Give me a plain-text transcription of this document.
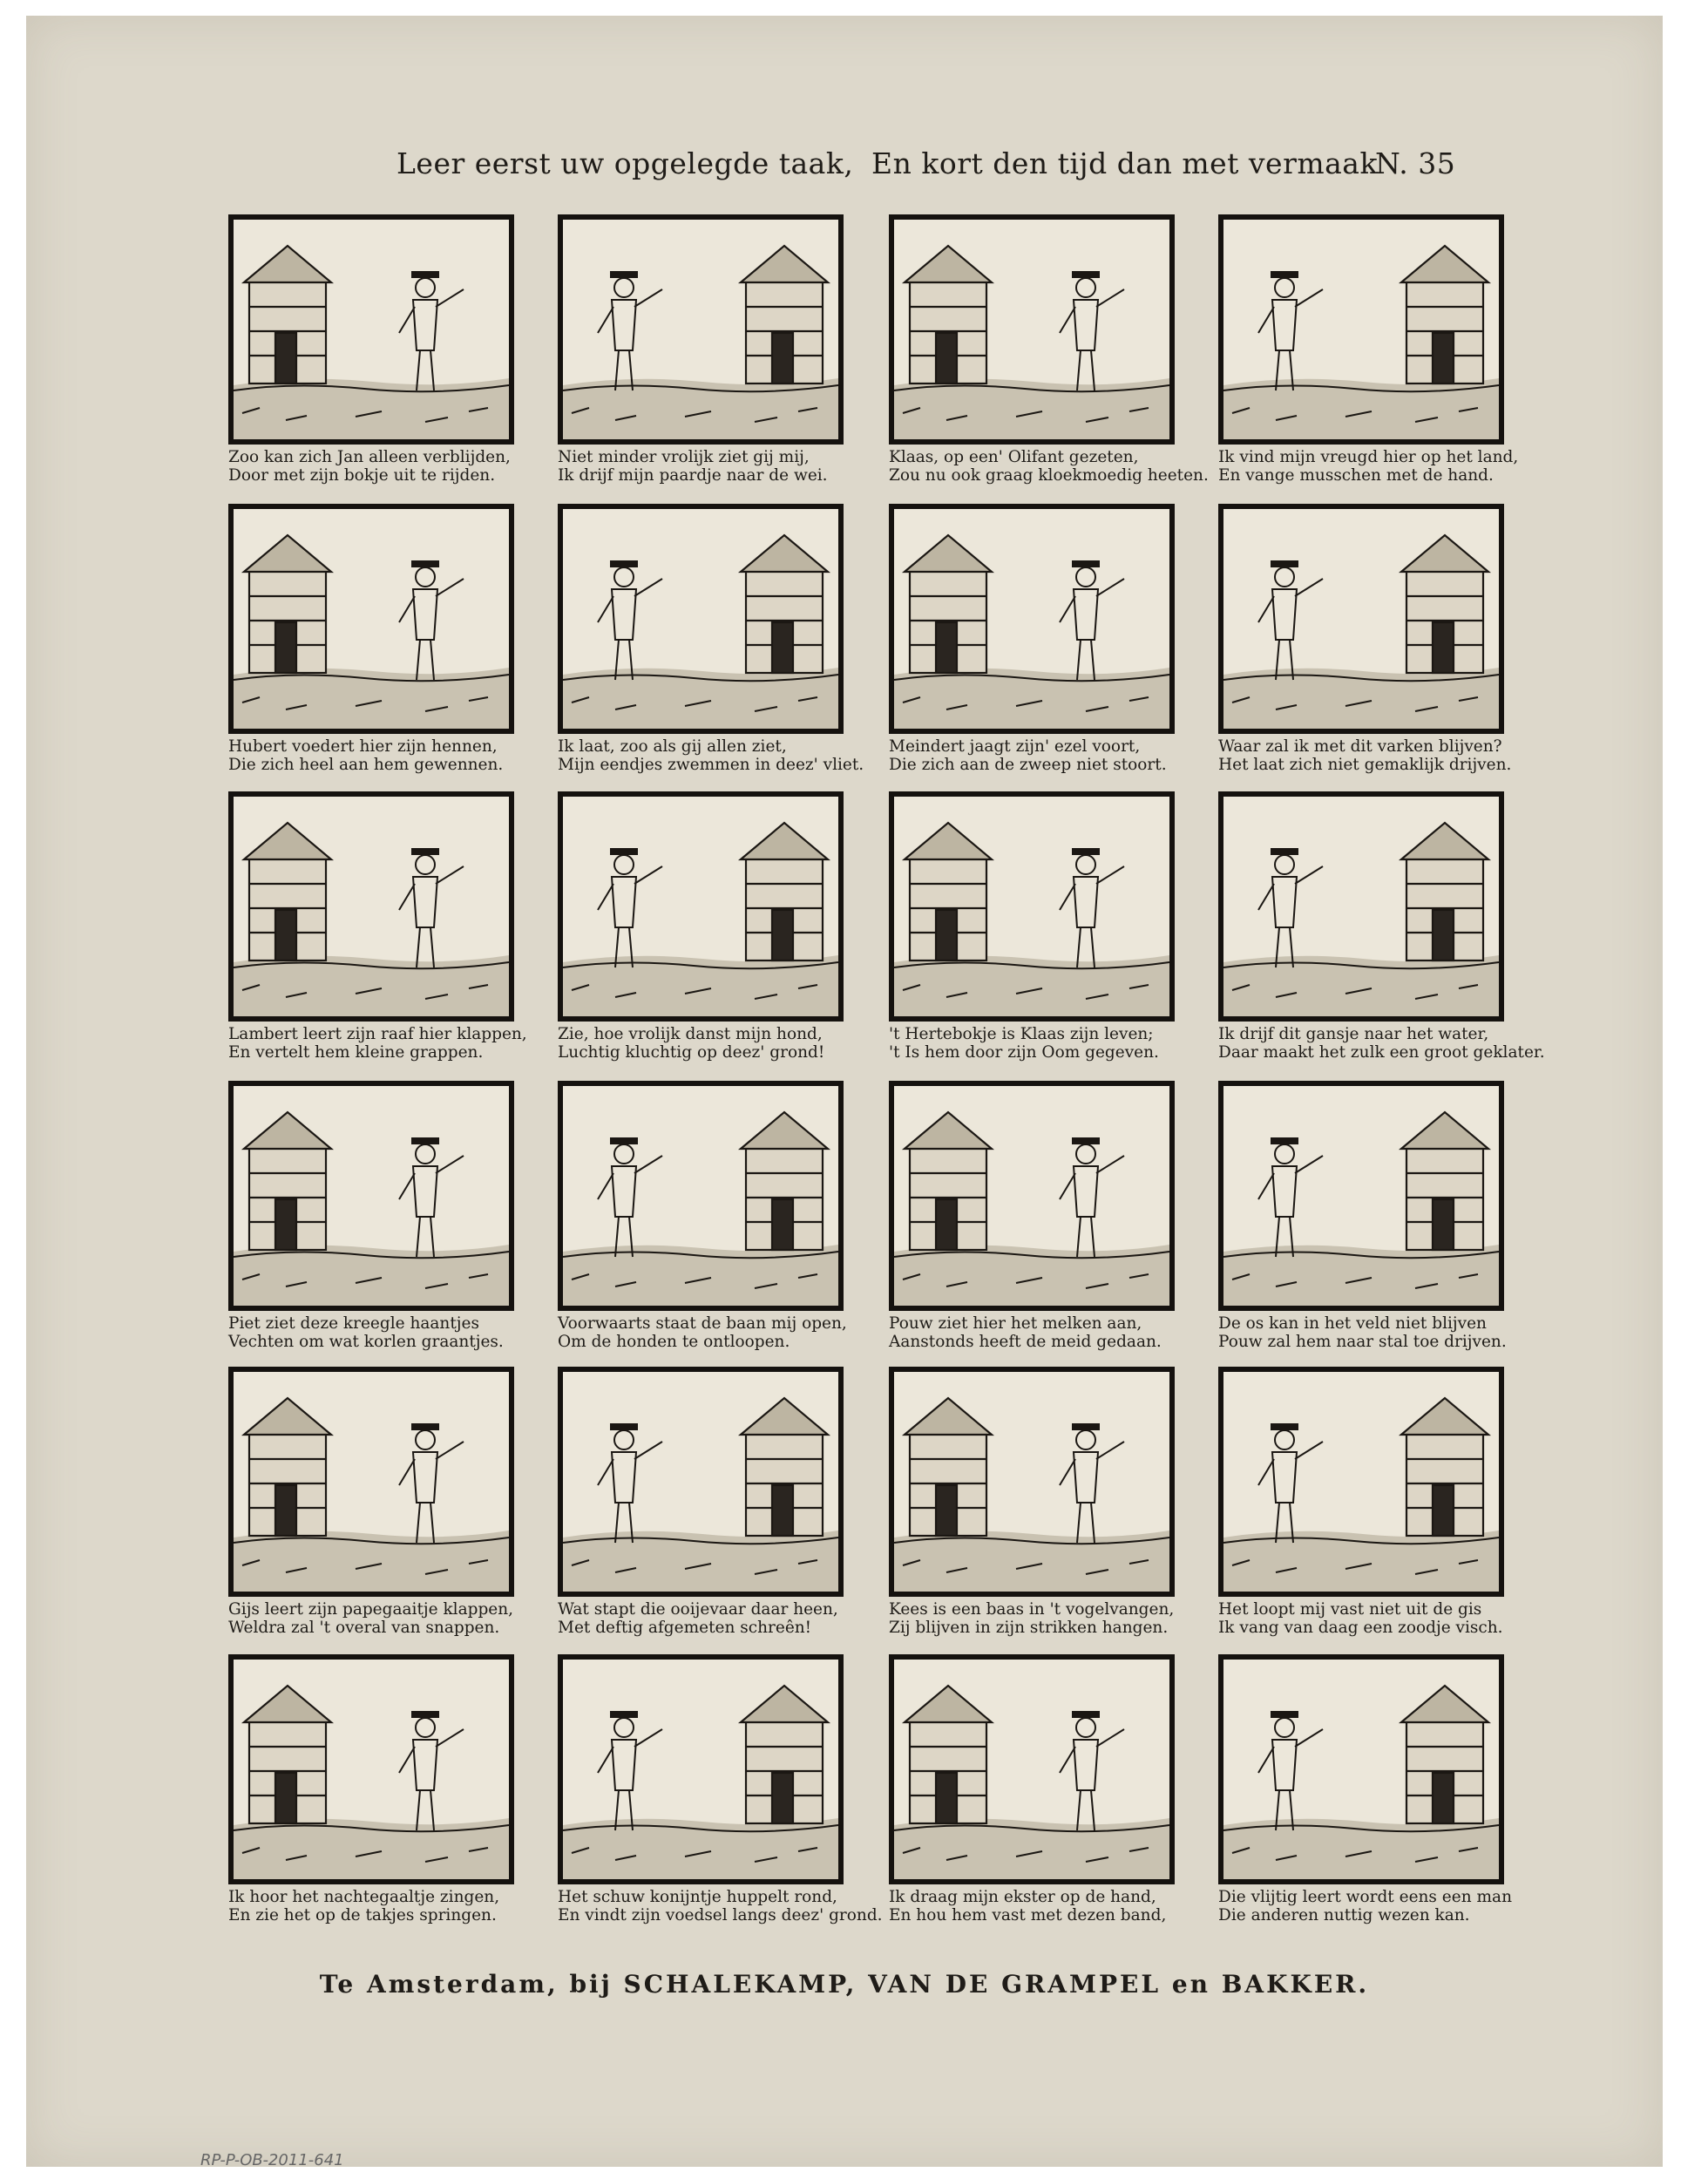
Leer eerst uw opgelegde taak, En kort den tijd dan met vermaak
N. 35
Zoo kan zich Jan alleen verblijden,
Door met zijn bokje uit te rijden.
Niet minder vrolijk ziet gij mij,
Ik drijf mijn paardje naar de wei.
Klaas, op een' Olifant gezeten,
Zou nu ook graag kloekmoedig heeten.
Ik vind mijn vreugd hier op het land,
En vange musschen met de hand.
Hubert voedert hier zijn hennen,
Die zich heel aan hem gewennen.
Ik laat, zoo als gij allen ziet,
Mijn eendjes zwemmen in deez' vliet.
Meindert jaagt zijn' ezel voort,
Die zich aan de zweep niet stoort.
Waar zal ik met dit varken blijven?
Het laat zich niet gemaklijk drijven.
Lambert leert zijn raaf hier klappen,
En vertelt hem kleine grappen.
Zie, hoe vrolijk danst mijn hond,
Luchtig kluchtig op deez' grond!
't Hertebokje is Klaas zijn leven;
't Is hem door zijn Oom gegeven.
Ik drijf dit gansje naar het water,
Daar maakt het zulk een groot geklater.
Piet ziet deze kreegle haantjes
Vechten om wat korlen graantjes.
Voorwaarts staat de baan mij open,
Om de honden te ontloopen.
Pouw ziet hier het melken aan,
Aanstonds heeft de meid gedaan.
De os kan in het veld niet blijven
Pouw zal hem naar stal toe drijven.
Gijs leert zijn papegaaitje klappen,
Weldra zal 't overal van snappen.
Wat stapt die ooijevaar daar heen,
Met deftig afgemeten schreên!
Kees is een baas in 't vogelvangen,
Zij blijven in zijn strikken hangen.
Het loopt mij vast niet uit de gis
Ik vang van daag een zoodje visch.
Ik hoor het nachtegaaltje zingen,
En zie het op de takjes springen.
Het schuw konijntje huppelt rond,
En vindt zijn voedsel langs deez' grond.
Ik draag mijn ekster op de hand,
En hou hem vast met dezen band,
Die vlijtig leert wordt eens een man
Die anderen nuttig wezen kan.
Te Amsterdam, bij SCHALEKAMP, VAN DE GRAMPEL en BAKKER.
RP-P-OB-2011-641
